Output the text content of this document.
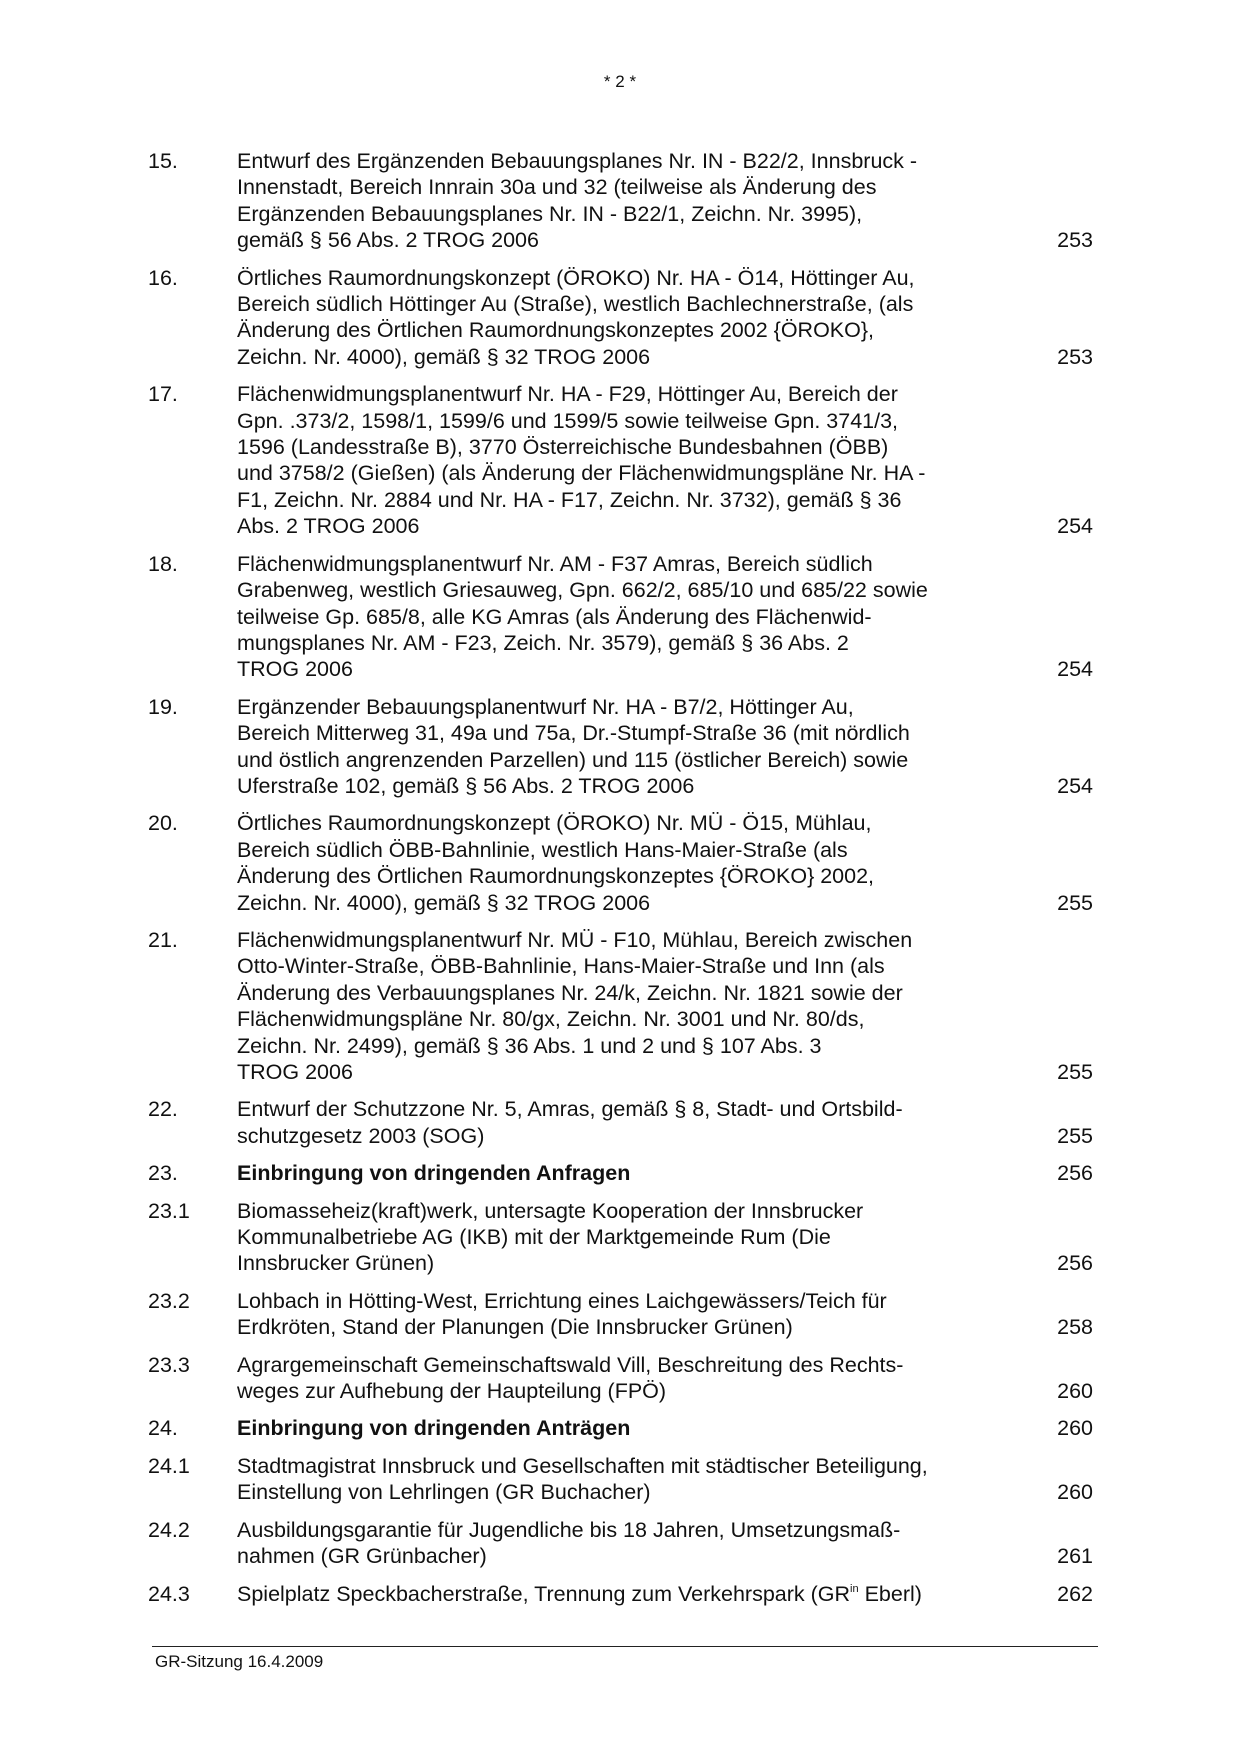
* 2 *
15.	Entwurf des Ergänzenden Bebauungsplanes Nr. IN - B22/2, Innsbruck -
Innenstadt, Bereich Innrain 30a und 32 (teilweise als Änderung des
Ergänzenden Bebauungsplanes Nr. IN - B22/1, Zeichn. Nr. 3995),
gemäß § 56 Abs. 2 TROG 2006	253
16.	Örtliches Raumordnungskonzept (ÖROKO) Nr. HA - Ö14, Höttinger Au,
Bereich südlich Höttinger Au (Straße), westlich Bachlechnerstraße, (als
Änderung des Örtlichen Raumordnungskonzeptes 2002 {ÖROKO},
Zeichn. Nr. 4000), gemäß § 32 TROG 2006	253
17.	Flächenwidmungsplanentwurf Nr. HA - F29, Höttinger Au, Bereich der
Gpn. .373/2, 1598/1, 1599/6 und 1599/5 sowie teilweise Gpn. 3741/3,
1596 (Landesstraße B), 3770 Österreichische Bundesbahnen (ÖBB)
und 3758/2 (Gießen) (als Änderung der Flächenwidmungspläne Nr. HA -
F1, Zeichn. Nr. 2884 und Nr. HA - F17, Zeichn. Nr. 3732), gemäß § 36
Abs. 2 TROG 2006	254
18.	Flächenwidmungsplanentwurf Nr. AM - F37 Amras, Bereich südlich
Grabenweg, westlich Griesauweg, Gpn. 662/2, 685/10 und 685/22 sowie
teilweise Gp. 685/8, alle KG Amras (als Änderung des Flächenwid-
mungsplanes Nr. AM - F23, Zeich. Nr. 3579), gemäß § 36 Abs. 2
TROG 2006	254
19.	Ergänzender Bebauungsplanentwurf Nr. HA - B7/2, Höttinger Au,
Bereich Mitterweg 31, 49a und 75a, Dr.-Stumpf-Straße 36 (mit nördlich
und östlich angrenzenden Parzellen) und 115 (östlicher Bereich) sowie
Uferstraße 102, gemäß § 56 Abs. 2 TROG 2006	254
20.	Örtliches Raumordnungskonzept (ÖROKO) Nr. MÜ - Ö15, Mühlau,
Bereich südlich ÖBB-Bahnlinie, westlich Hans-Maier-Straße (als
Änderung des Örtlichen Raumordnungskonzeptes {ÖROKO} 2002,
Zeichn. Nr. 4000), gemäß § 32 TROG 2006	255
21.	Flächenwidmungsplanentwurf Nr. MÜ - F10, Mühlau, Bereich zwischen
Otto-Winter-Straße, ÖBB-Bahnlinie, Hans-Maier-Straße und Inn (als
Änderung des Verbauungsplanes Nr. 24/k, Zeichn. Nr. 1821 sowie der
Flächenwidmungspläne Nr. 80/gx, Zeichn. Nr. 3001 und Nr. 80/ds,
Zeichn. Nr. 2499), gemäß § 36 Abs. 1 und 2 und § 107 Abs. 3
TROG 2006	255
22.	Entwurf der Schutzzone Nr. 5, Amras, gemäß § 8, Stadt- und Ortsbild-
schutzgesetz 2003 (SOG)	255
23.	Einbringung von dringenden Anfragen	256
23.1	Biomasseheiz(kraft)werk, untersagte Kooperation der Innsbrucker
Kommunalbetriebe AG (IKB) mit der Marktgemeinde Rum (Die
Innsbrucker Grünen)	256
23.2	Lohbach in Hötting-West, Errichtung eines Laichgewässers/Teich für
Erdkröten, Stand der Planungen (Die Innsbrucker Grünen)	258
23.3	Agrargemeinschaft Gemeinschaftswald Vill, Beschreitung des Rechts-
weges zur Aufhebung der Haupteilung (FPÖ)	260
24.	Einbringung von dringenden Anträgen	260
24.1	Stadtmagistrat Innsbruck und Gesellschaften mit städtischer Beteiligung,
Einstellung von Lehrlingen (GR Buchacher)	260
24.2	Ausbildungsgarantie für Jugendliche bis 18 Jahren, Umsetzungsmaß-
nahmen (GR Grünbacher)	261
24.3	Spielplatz Speckbacherstraße, Trennung zum Verkehrspark ($GR^{in}$ Eberl)	262
GR-Sitzung 16.4.2009
